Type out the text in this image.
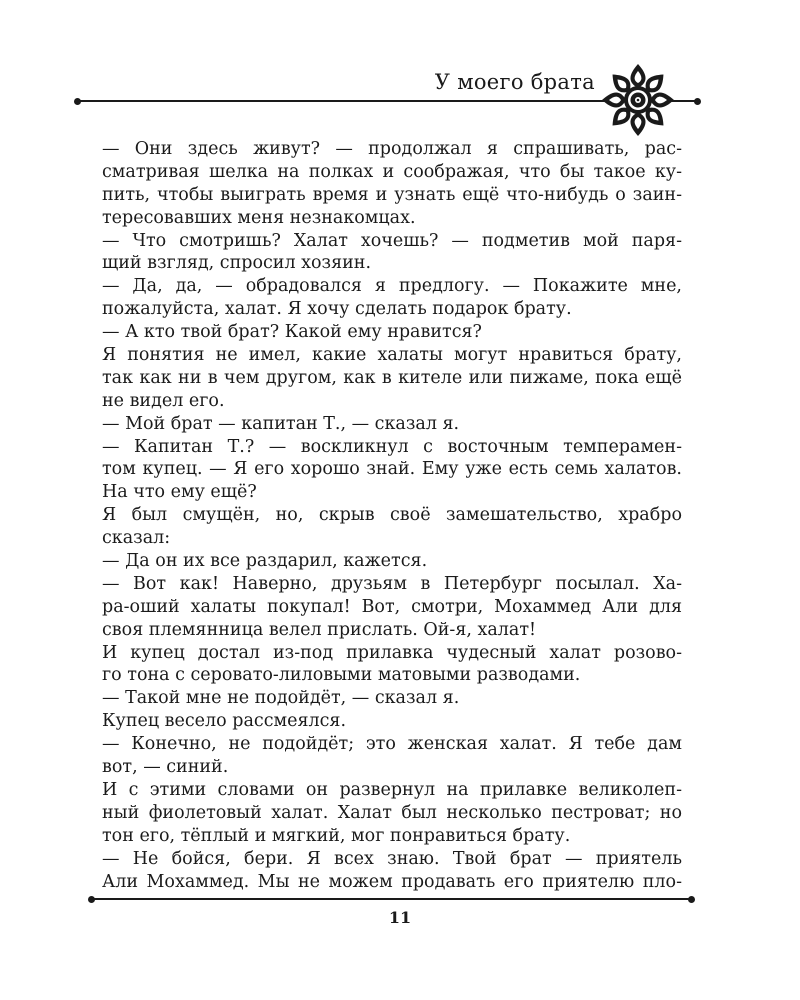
У моего брата
— Они здесь живут? — продолжал я спрашивать, рас-
сматривая шелка на полках и соображая, что бы такое ку-
пить, чтобы выиграть время и узнать ещё что-нибудь о заин-
тересовавших меня незнакомцах.
— Что смотришь? Халат хочешь? — подметив мой паря-
щий взгляд, спросил хозяин.
— Да, да, — обрадовался я предлогу. — Покажите мне,
пожалуйста, халат. Я хочу сделать подарок брату.
— А кто твой брат? Какой ему нравится?
Я понятия не имел, какие халаты могут нравиться брату,
так как ни в чем другом, как в кителе или пижаме, пока ещё
не видел его.
— Мой брат — капитан Т., — сказал я.
— Капитан Т.? — воскликнул с восточным темперамен-
том купец. — Я его хорошо знай. Ему уже есть семь халатов.
На что ему ещё?
Я был смущён, но, скрыв своё замешательство, храбро
сказал:
— Да он их все раздарил, кажется.
— Вот как! Наверно, друзьям в Петербург посылал. Ха-
ра-оший халаты покупал! Вот, смотри, Мохаммед Али для
своя племянница велел прислать. Ой-я, халат!
И купец достал из-под прилавка чудесный халат розово-
го тона с серовато-лиловыми матовыми разводами.
— Такой мне не подойдёт, — сказал я.
Купец весело рассмеялся.
— Конечно, не подойдёт; это женская халат. Я тебе дам
вот, — синий.
И с этими словами он развернул на прилавке великолеп-
ный фиолетовый халат. Халат был несколько пестроват; но
тон его, тёплый и мягкий, мог понравиться брату.
— Не бойся, бери. Я всех знаю. Твой брат — приятель
Али Мохаммед. Мы не можем продавать его приятелю пло-
11
